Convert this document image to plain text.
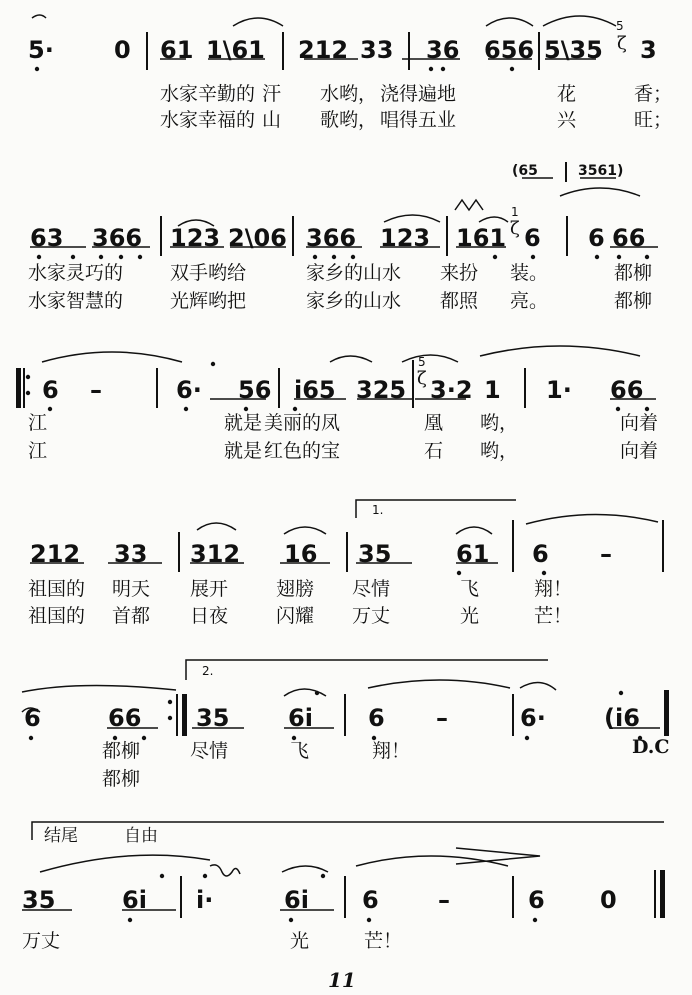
5·	0 61 1\61 212 33 36 656 5\35 3
5
ζ
水家辛勤的 汗 水哟， 浇得遍地	花	香；
水家幸福的 山 歌哟， 唱得五业	兴	旺；
(65	3561)
63 366 123 2\06 366 123 161
1
ζ 6 6 66
水家灵巧的 双手哟给	家乡的山水 来扮 装。	都柳
水家智慧的 光辉哟把	家乡的山水 都照 亮。	都柳
6 –	6· 56 i65 325
5
ζ 3·2 1 1· 66
江	就是 美丽的凤	凰 哟，	向着
江	就是 红色的宝	石 哟，	向着
1.
212 33 312 16 35	61 6 –
祖国的 明天 展开	翅膀 尽情	飞	翔！
祖国的 首都 日夜	闪耀 万丈	光	芒！
2.
6	66 35 6i 6 –	6· (i6
都柳	尽情	飞	翔！
都柳
D.C
结尾	自由
35	6i i·	6i 6 –	6 0
万丈	光	芒！
11
